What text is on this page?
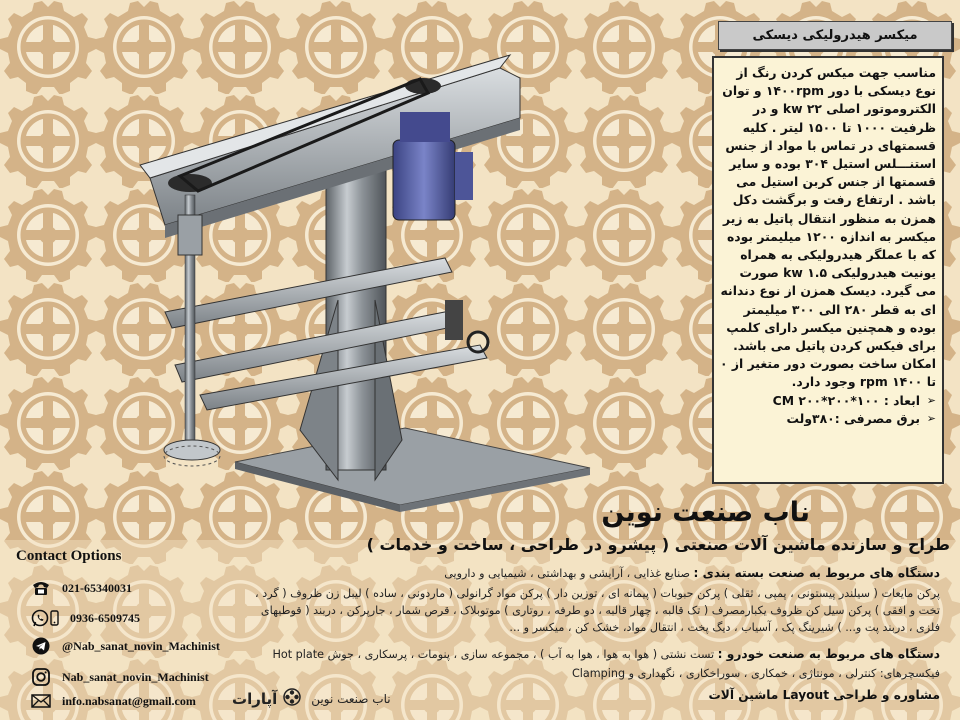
میکسر هیدرولیکی دیسکی

مناسب جهت میکس کردن رنگ از نوع دیسکی با دور ۱۴۰۰rpm و توان الکتروموتور اصلی ۲۲ kw و در ظرفیت ۱۰۰۰ تا ۱۵۰۰ لیتر . کلیه قسمتهای در تماس با مواد از جنس استنـــلس استیل ۳۰۴ بوده و سایر قسمتها از جنس کربن استیل می باشد . ارتفاع رفت و برگشت دکل همزن به منظور انتقال پاتیل به زیر میکسر به اندازه ۱۲۰۰ میلیمتر بوده که با عملگر هیدرولیکی به همراه یونیت هیدرولیکی ۱.۵ kw صورت می گیرد. دیسک همزن از نوع دندانه ای به قطر ۲۸۰ الی ۳۰۰ میلیمتر بوده و همچنین میکسر دارای کلمپ برای فیکس کردن پاتیل می باشد. امکان ساخت بصورت دور متغیر از ۰ تا ۱۴۰۰ rpm وجود دارد.

➢ ابعاد : ۱۰۰*۲۰۰*۲۰۰ CM
➢ برق مصرفی :۳۸۰ولت
ناب صنعت نوین
طراح و سازنده ماشین آلات صنعتی ( پیشرو در طراحی ، ساخت و خدمات )
Contact Options
021-65340031
0936-6509745
@Nab_sanat_novin_Machinist
Nab_sanat_novin_Machinist
info.nabsanat@gmail.com
دستگاه های مربوط به صنعت بسته بندی : صنایع غذایی ، آرایشی و بهداشتی ، شیمیایی و دارویی
پرکن مایعات ( سیلندر پیستونی ، پمپی ، ثقلی ) پرکن حبوبات ( پیمانه ای ، توزین دار ) پرکن مواد گرانولی ( ماردونی ، ساده ) لیبل زن ظروف ( گرد ، تخت و افقی ) پرکن سیل کن ظروف یکبارمصرف ( تک قالبه ، چهار قالبه ، دو طرفه ، روتاری ) موتوبلاک ، قرص شمار ، جارپرکن ، دربند ( قوطیهای فلزی ، دربند پت و... ) شیرینگ پک ، آسیاب ، دیگ پخت ، انتقال مواد، خشک کن ، میکسر و ...
دستگاه های مربوط به صنعت خودرو : تست نشتی ( هوا به هوا ، هوا به آب ) ، مجموعه سازی ، پنومات ، پرسکاری ، جوش Hot plate
فیکسچرهای: کنترلی ، مونتاژی ، خمکاری ، سوراخکاری ، نگهداری و Clamping
مشاوره و طراحی Layout ماشین آلات
آپارات	ناب صنعت نوین
